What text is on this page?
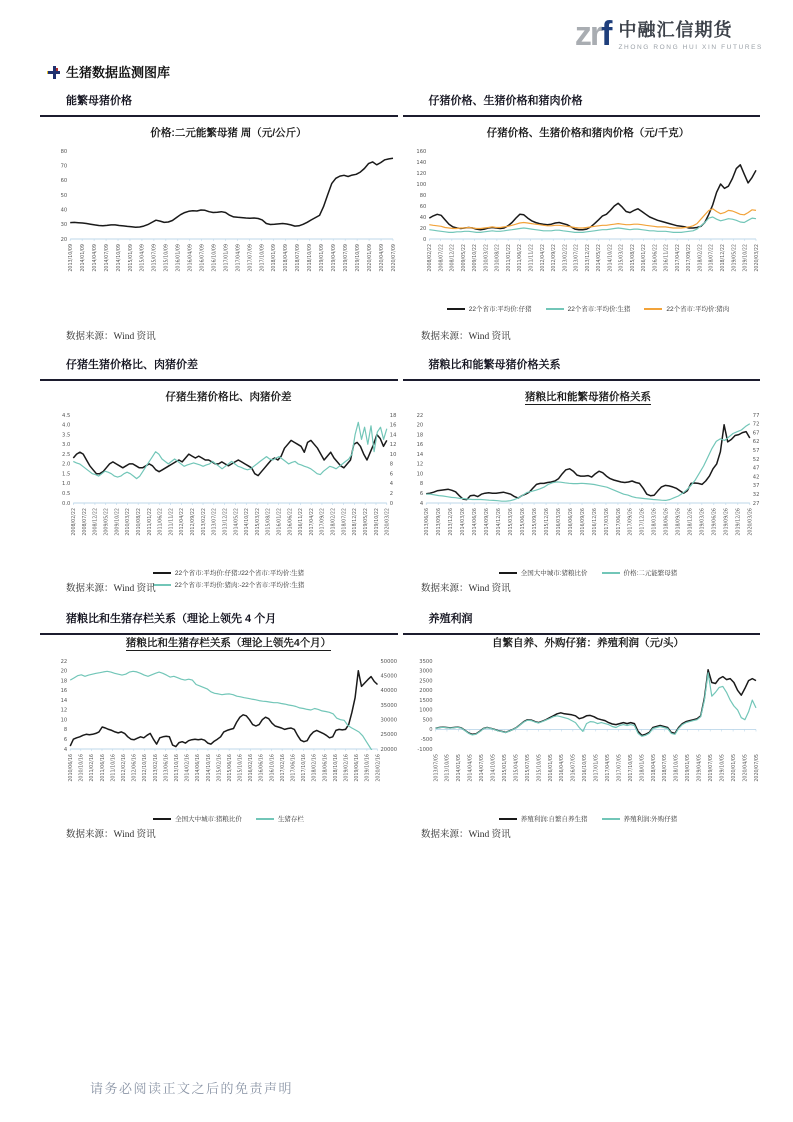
zrf 中融汇信期货
ZHONG RONG HUI XIN FUTURES
生猪数据监测图库
能繁母猪价格	仔猪价格、生猪价格和猪肉价格
仔猪生猪价格比、肉猪价差	猪粮比和能繁母猪价格关系
猪粮比和生猪存栏关系（理论上领先 4 个月	养殖利润
价格:二元能繁母猪 周（元/公斤）
20
30
40
50
60
70
80
2013/10/09 2014/01/09 2014/04/09 2014/07/09 2014/10/09 2015/01/09 2015/04/09 2015/07/09 2015/10/09 2016/01/09 2016/04/09 2016/07/09 2016/10/09 2017/01/09 2017/04/09 2017/07/09 2017/10/09 2018/01/09 2018/04/09 2018/07/09 2018/10/09 2019/01/09 2019/04/09 2019/07/09 2019/10/09 2020/01/09 2020/04/09 2020/07/09
仔猪价格、生猪价格和猪肉价格（元/千克）
0
20
40
60
80
100
120
140
160
2008/02/22 2008/07/22 2008/12/22 2009/05/22 2009/10/22 2010/03/22 2010/08/22 2011/01/22 2011/06/22 2011/11/22 2012/04/22 2012/09/22 2013/02/22 2013/07/22 2013/12/22 2014/05/22 2014/10/22 2015/03/22 2015/08/22 2016/01/22 2016/06/22 2016/11/22 2017/04/22 2017/09/22 2018/02/22 2018/07/22 2018/12/22 2019/05/22 2019/10/22 2020/03/22
22个省市:平均价:仔猪	22个省市:平均价:生猪	22个省市:平均价:猪肉
仔猪生猪价格比、肉猪价差
0.0
0.5
1.0
1.5
2.0
2.5
3.0
3.5
4.0
4.5
0
2
4
6
8
10
12
14
16
18
2008/02/22 2008/07/22 2008/12/22 2009/05/22 2009/10/22 2010/03/22 2010/08/22 2011/01/22 2011/06/22 2011/11/22 2012/04/22 2012/09/22 2013/02/22 2013/07/22 2013/12/22 2014/05/22 2014/10/22 2015/03/22 2015/08/22 2016/01/22 2016/06/22 2016/11/22 2017/04/22 2017/09/22 2018/02/22 2018/07/22 2018/12/22 2019/05/22 2019/10/22 2020/03/22
22个省市:平均价:仔猪:/22个省市:平均价:生猪
22个省市:平均价:猪肉:-22个省市:平均价:生猪
猪粮比和能繁母猪价格关系
4
6
8
10
12
14
16
18
20
22
27
32
37
42
47
52
57
62
67
72
77
2013/06/26 2013/09/26 2013/12/26 2014/03/26 2014/06/26 2014/09/26 2014/12/26 2015/03/26 2015/06/26 2015/09/26 2015/12/26 2016/03/26 2016/06/26 2016/09/26 2016/12/26 2017/03/26 2017/06/26 2017/09/26 2017/12/26 2018/03/26 2018/06/26 2018/09/26 2018/12/26 2019/03/26 2019/06/26 2019/09/26 2019/12/26 2020/03/26
全国大中城市:猪粮比价	价格:二元能繁母猪
猪粮比和生猪存栏关系（理论上领先4个月）
4
6
8
10
12
14
16
18
20
22
20000
25000
30000
35000
40000
45000
50000
2010/06/16 2010/10/16 2011/02/16 2011/06/16 2011/10/16 2012/02/16 2012/06/16 2012/10/16 2013/02/16 2013/06/16 2013/10/16 2014/02/16 2014/06/16 2014/10/16 2015/02/16 2015/06/16 2015/10/16 2016/02/16 2016/06/16 2016/10/16 2017/02/16 2017/06/16 2017/10/16 2018/02/16 2018/06/16 2018/10/16 2019/02/16 2019/06/16 2019/10/16 2020/02/16
全国大中城市:猪粮比价	生猪存栏
自繁自养、外购仔猪：养殖利润（元/头）
-1000
-500
0
500
1000
1500
2000
2500
3000
3500
2013/07/05 2013/10/05 2014/01/05 2014/04/05 2014/07/05 2014/10/05 2015/01/05 2015/04/05 2015/07/05 2015/10/05 2016/01/05 2016/04/05 2016/07/05 2016/10/05 2017/01/05 2017/04/05 2017/07/05 2017/10/05 2018/01/05 2018/04/05 2018/07/05 2018/10/05 2019/01/05 2019/04/05 2019/07/05 2019/10/05 2020/01/05 2020/04/05 2020/07/05
养殖利润:自繁自养生猪	养殖利润:外购仔猪
数据来源：Wind 资讯	数据来源：Wind 资讯
数据来源：Wind 资讯	数据来源：Wind 资讯
数据来源：Wind 资讯	数据来源：Wind 资讯
请务必阅读正文之后的免责声明
